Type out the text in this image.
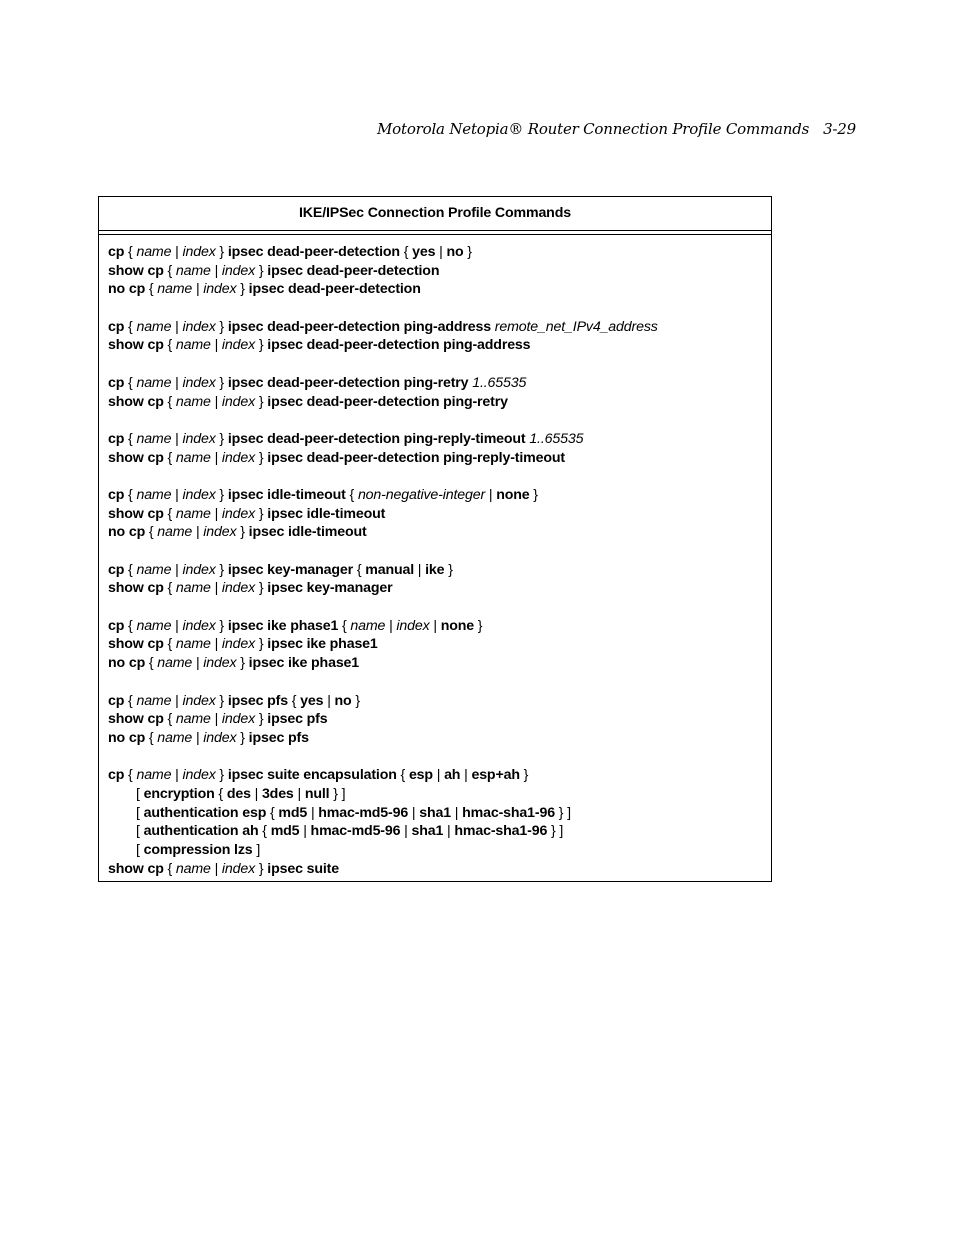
Motorola Netopia® Router Connection Profile Commands 3-29
IKE/IPSec Connection Profile Commands
cp { name | index } ipsec dead-peer-detection { yes | no }
show cp { name | index } ipsec dead-peer-detection
no cp { name | index } ipsec dead-peer-detection
cp { name | index } ipsec dead-peer-detection ping-address remote_net_IPv4_address
show cp { name | index } ipsec dead-peer-detection ping-address
cp { name | index } ipsec dead-peer-detection ping-retry 1..65535
show cp { name | index } ipsec dead-peer-detection ping-retry
cp { name | index } ipsec dead-peer-detection ping-reply-timeout 1..65535
show cp { name | index } ipsec dead-peer-detection ping-reply-timeout
cp { name | index } ipsec idle-timeout { non-negative-integer | none }
show cp { name | index } ipsec idle-timeout
no cp { name | index } ipsec idle-timeout
cp { name | index } ipsec key-manager { manual | ike }
show cp { name | index } ipsec key-manager
cp { name | index } ipsec ike phase1 { name | index | none }
show cp { name | index } ipsec ike phase1
no cp { name | index } ipsec ike phase1
cp { name | index } ipsec pfs { yes | no }
show cp { name | index } ipsec pfs
no cp { name | index } ipsec pfs
cp { name | index } ipsec suite encapsulation { esp | ah | esp+ah }
[ encryption { des | 3des | null } ]
[ authentication esp { md5 | hmac-md5-96 | sha1 | hmac-sha1-96 } ]
[ authentication ah { md5 | hmac-md5-96 | sha1 | hmac-sha1-96 } ]
[ compression lzs ]
show cp { name | index } ipsec suite
